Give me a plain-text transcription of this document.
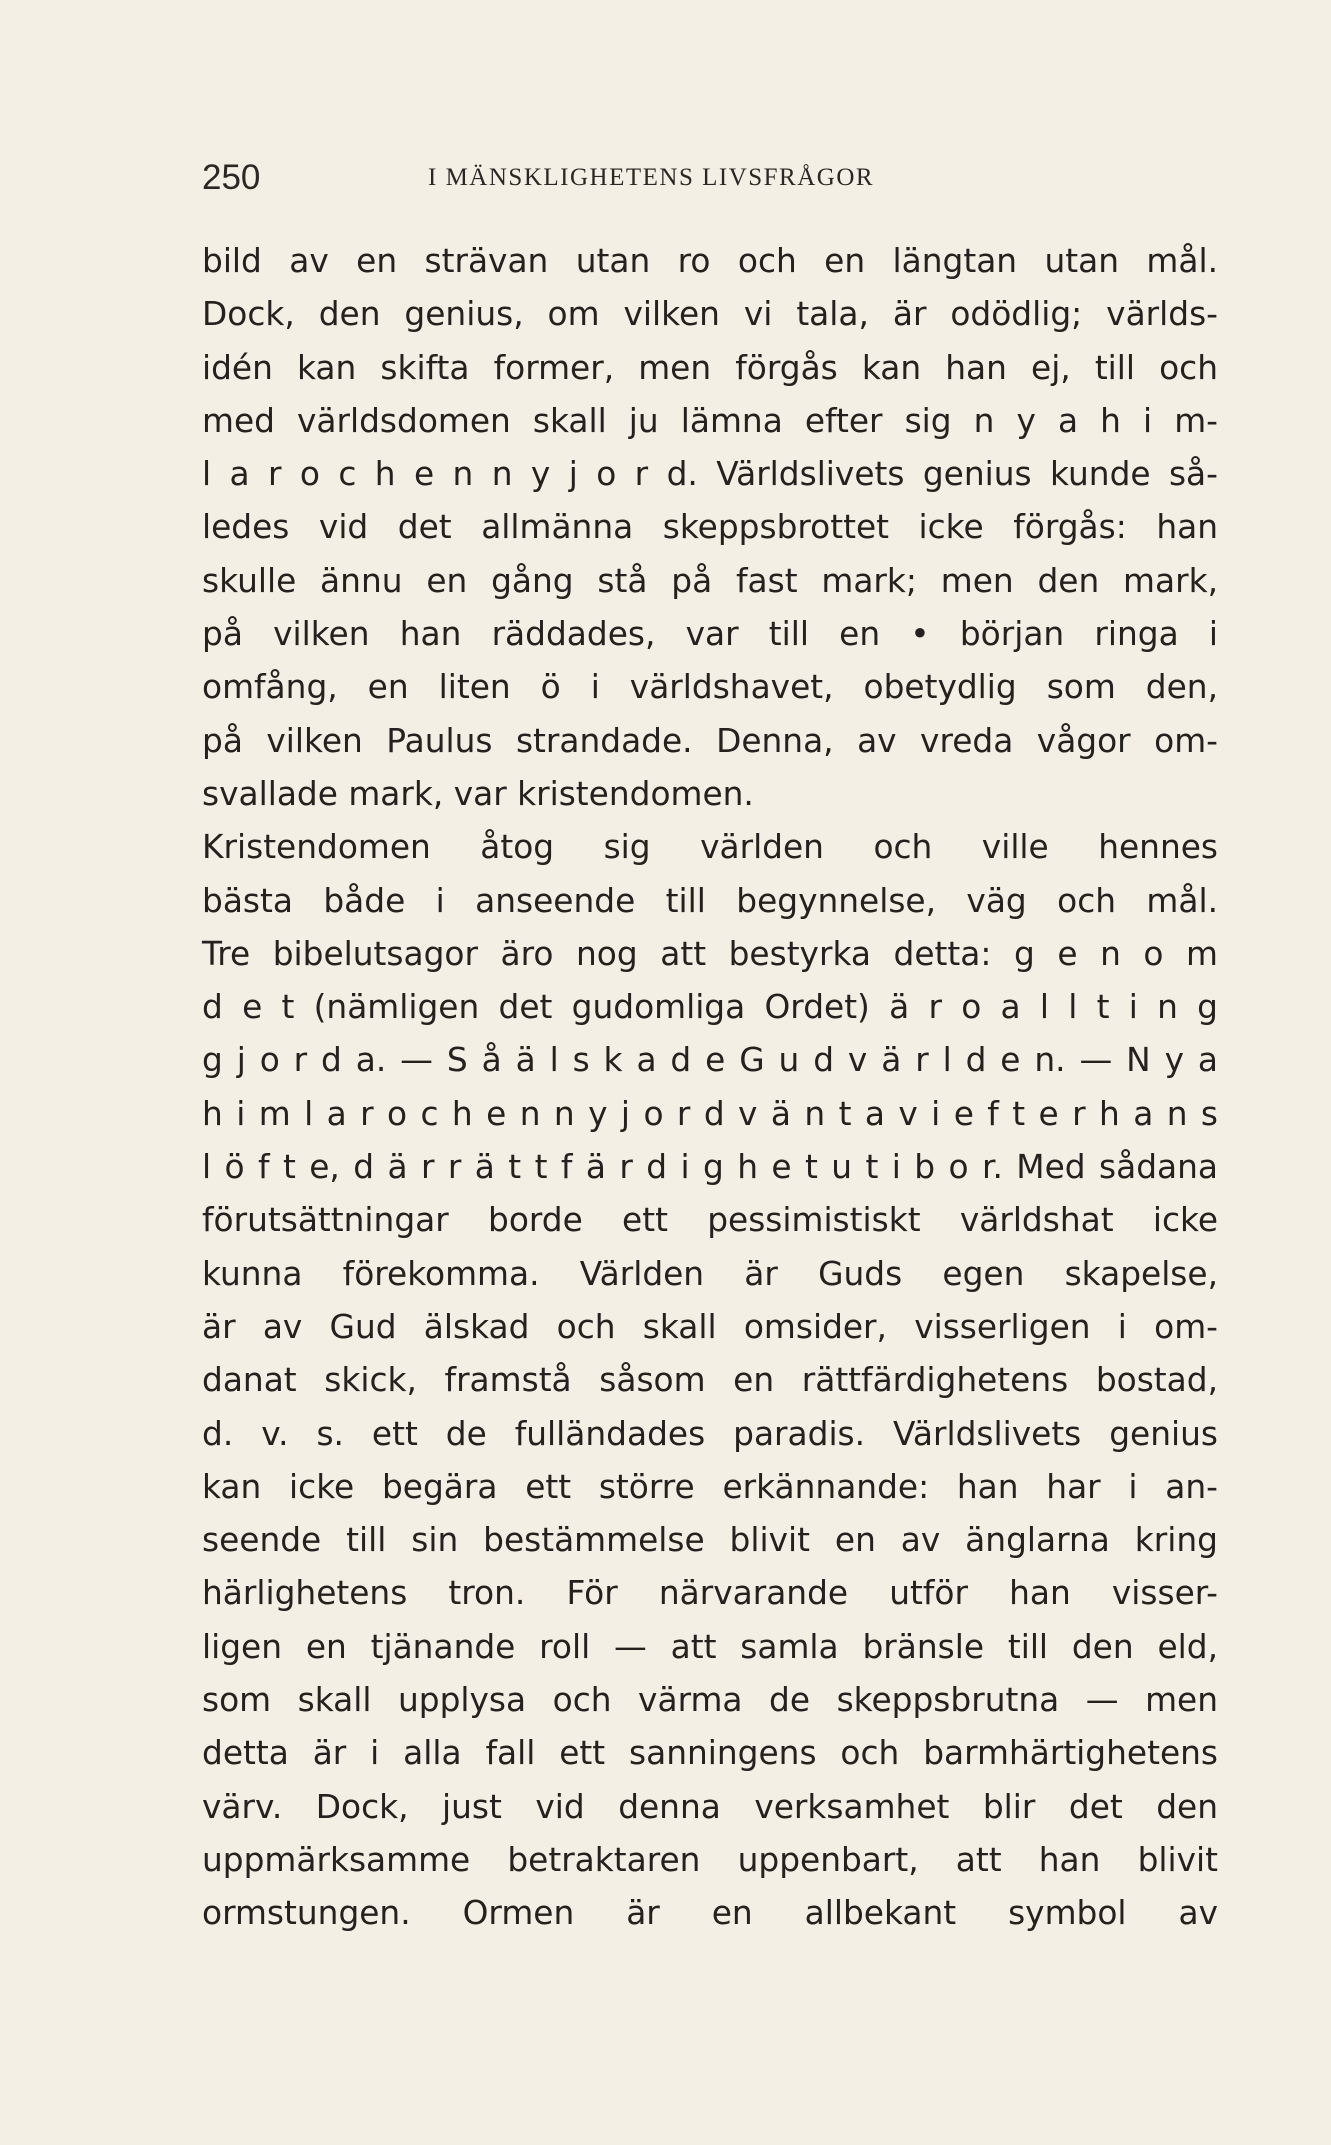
250	I MÄNSKLIGHETENS LIVSFRÅGOR
bild av en strävan utan ro och en längtan utan mål.
Dock, den genius, om vilken vi tala, är odödlig; världs-
idén kan skifta former, men förgås kan han ej, till och
med världsdomen skall ju lämna efter sig n y a h i m-
l a r o c h e n n y j o r d. Världslivets genius kunde så-
ledes vid det allmänna skeppsbrottet icke förgås: han
skulle ännu en gång stå på fast mark; men den mark,
på vilken han räddades, var till en • början ringa i
omfång, en liten ö i världshavet, obetydlig som den,
på vilken Paulus strandade. Denna, av vreda vågor om-
svallade mark, var kristendomen.
Kristendomen åtog sig världen och ville hennes
bästa både i anseende till begynnelse, väg och mål.
Tre bibelutsagor äro nog att bestyrka detta: g e n o m
d e t (nämligen det gudomliga Ordet) ä r o a l l t i n g
g j o r d a. — S å ä l s k a d e G u d v ä r l d e n. — N y a
h i m l a r o c h e n n y j o r d v ä n t a v i e f t e r h a n s
l ö f t e, d ä r r ä t t f ä r d i g h e t u t i b o r. Med sådana
förutsättningar borde ett pessimistiskt världshat icke
kunna förekomma. Världen är Guds egen skapelse,
är av Gud älskad och skall omsider, visserligen i om-
danat skick, framstå såsom en rättfärdighetens bostad,
d. v. s. ett de fulländades paradis. Världslivets genius
kan icke begära ett större erkännande: han har i an-
seende till sin bestämmelse blivit en av änglarna kring
härlighetens tron. För närvarande utför han visser-
ligen en tjänande roll — att samla bränsle till den eld,
som skall upplysa och värma de skeppsbrutna — men
detta är i alla fall ett sanningens och barmhärtighetens
värv. Dock, just vid denna verksamhet blir det den
uppmärksamme betraktaren uppenbart, att han blivit
ormstungen. Ormen är en allbekant symbol av
